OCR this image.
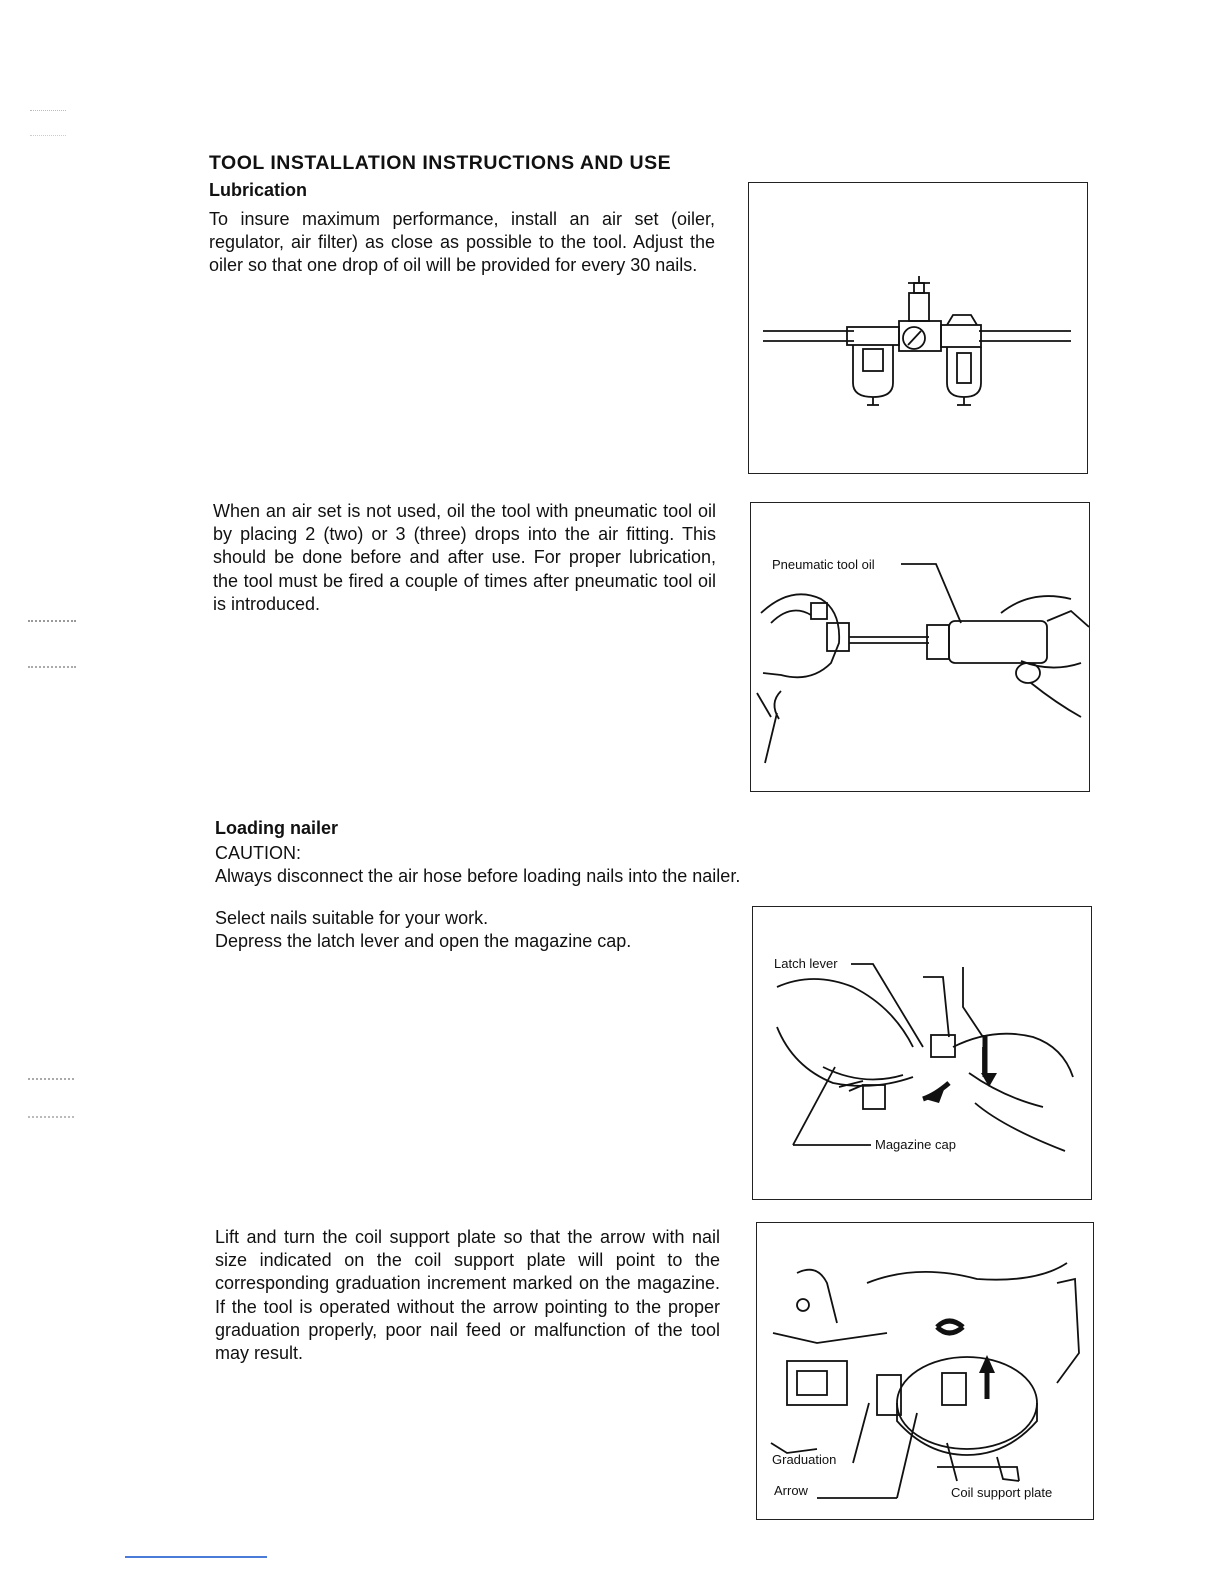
TOOL INSTALLATION INSTRUCTIONS AND USE
Lubrication
To insure maximum performance, install an air set (oiler, regulator, air filter) as close as possible to the tool. Adjust the oiler so that one drop of oil will be provided for every 30 nails.
When an air set is not used, oil the tool with pneumatic tool oil by placing 2 (two) or 3 (three) drops into the air fitting. This should be done before and after use. For proper lubrication, the tool must be fired a couple of times after pneumatic tool oil is introduced.
Pneumatic tool oil
Loading nailer
CAUTION:
Always disconnect the air hose before loading nails into the nailer.
Select nails suitable for your work.
Depress the latch lever and open the magazine cap.
Latch lever
Magazine cap
Lift and turn the coil support plate so that the arrow with nail size indicated on the coil support plate will point to the corresponding graduation increment marked on the magazine. If the tool is operated without the arrow pointing to the proper graduation properly, poor nail feed or malfunction of the tool may result.
Graduation
Arrow	Coil support plate
